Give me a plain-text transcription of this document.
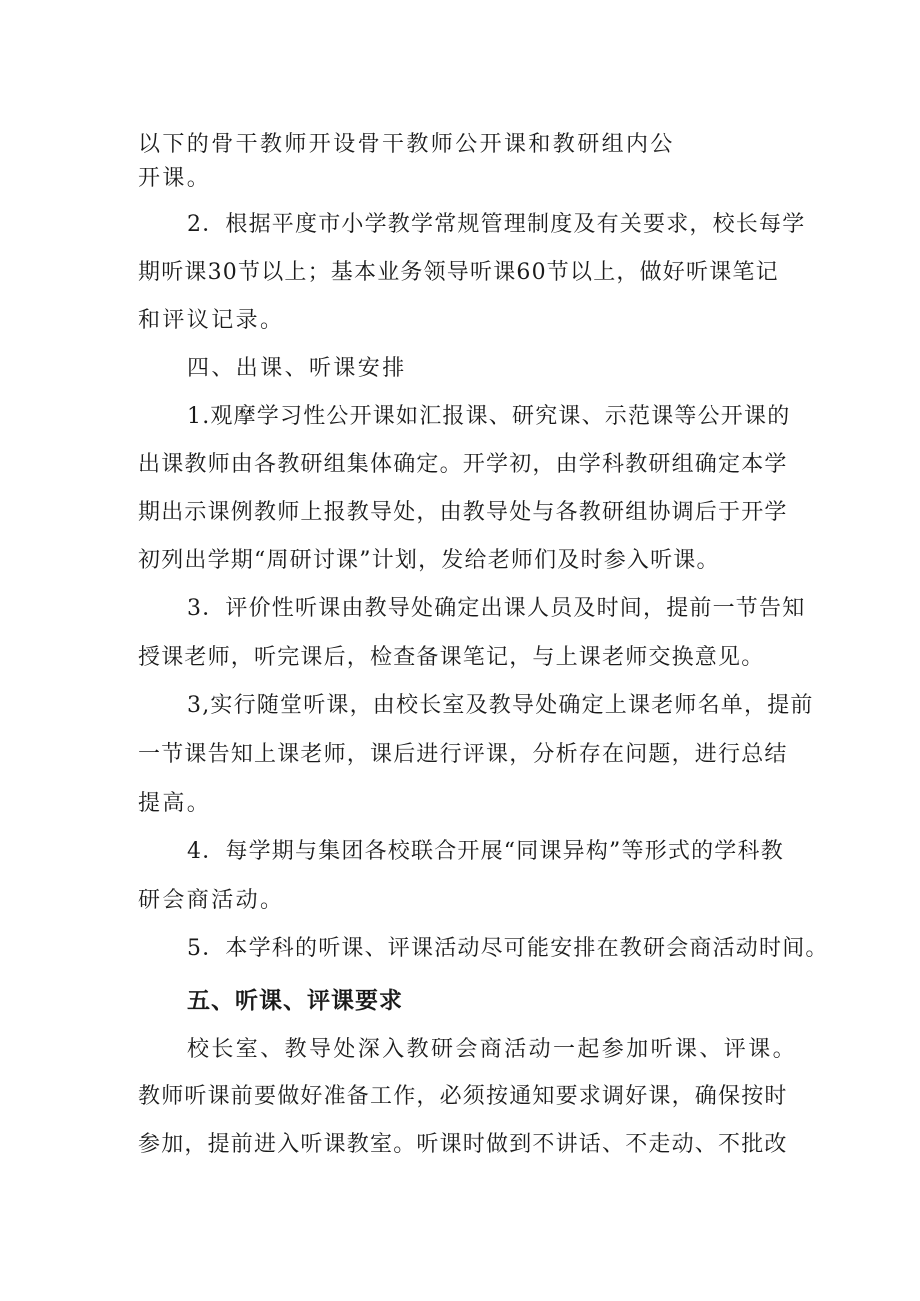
以下的骨干教师开设骨干教师公开课和教研组内公
开课。
2．根据平度市小学教学常规管理制度及有关要求，校长每学
期听课30节以上；基本业务领导听课60节以上，做好听课笔记
和评议记录。
四、出课、听课安排
1.观摩学习性公开课如汇报课、研究课、示范课等公开课的
出课教师由各教研组集体确定。开学初，由学科教研组确定本学
期出示课例教师上报教导处，由教导处与各教研组协调后于开学
初列出学期“周研讨课”计划，发给老师们及时参入听课。
3．评价性听课由教导处确定出课人员及时间，提前一节告知
授课老师，听完课后，检查备课笔记，与上课老师交换意见。
3,实行随堂听课，由校长室及教导处确定上课老师名单，提前
一节课告知上课老师，课后进行评课，分析存在问题，进行总结
提高。
4．每学期与集团各校联合开展“同课异构”等形式的学科教
研会商活动。
5．本学科的听课、评课活动尽可能安排在教研会商活动时间。
五、听课、评课要求
校长室、教导处深入教研会商活动一起参加听课、评课。
教师听课前要做好准备工作，必须按通知要求调好课，确保按时
参加，提前进入听课教室。听课时做到不讲话、不走动、不批改
